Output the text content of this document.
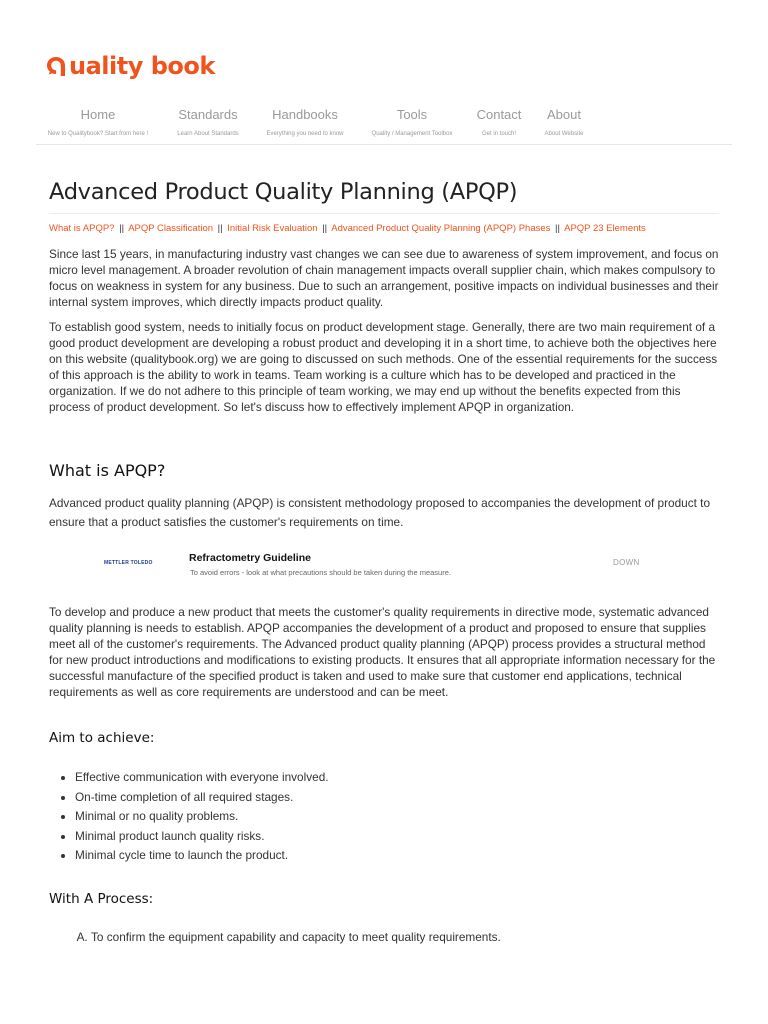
uality book
Home
New to Qualitybook? Start from here !
Standards
Learn About Standards
Handbooks
Everything you need to know
Tools
Quality / Management Toolbox
Contact
Get in touch!
About
About Website
Advanced Product Quality Planning (APQP)
What is APQP? || APQP Classification || Initial Risk Evaluation || Advanced Product Quality Planning (APQP) Phases || APQP 23 Elements

Since last 15 years, in manufacturing industry vast changes we can see due to awareness of system improvement, and focus on micro level management. A broader revolution of chain management impacts overall supplier chain, which makes compulsory to focus on weakness in system for any business. Due to such an arrangement, positive impacts on individual businesses and their internal system improves, which directly impacts product quality.

To establish good system, needs to initially focus on product development stage. Generally, there are two main requirement of a good product development are developing a robust product and developing it in a short time, to achieve both the objectives here on this website (qualitybook.org) we are going to discussed on such methods. One of the essential requirements for the success of this approach is the ability to work in teams. Team working is a culture which has to be developed and practiced in the organization. If we do not adhere to this principle of team working, we may end up without the benefits expected from this process of product development. So let's discuss how to effectively implement APQP in organization.

What is APQP?

Advanced product quality planning (APQP) is consistent methodology proposed to accompanies the development of product to ensure that a product satisfies the customer's requirements on time.

METTLER TOLEDO	Refractometry Guideline
To avoid errors - look at what precautions should be taken during the measure.
DOWN

To develop and produce a new product that meets the customer's quality requirements in directive mode, systematic advanced quality planning is needs to establish. APQP accompanies the development of a product and proposed to ensure that supplies meet all of the customer's requirements. The Advanced product quality planning (APQP) process provides a structural method for new product introductions and modifications to existing products. It ensures that all appropriate information necessary for the successful manufacture of the specified product is taken and used to make sure that customer end applications, technical requirements as well as core requirements are understood and can be meet.

Aim to achieve:
• Effective communication with everyone involved.
• On-time completion of all required stages.
• Minimal or no quality problems.
• Minimal product launch quality risks.
• Minimal cycle time to launch the product.
With A Process:
A. To confirm the equipment capability and capacity to meet quality requirements.
